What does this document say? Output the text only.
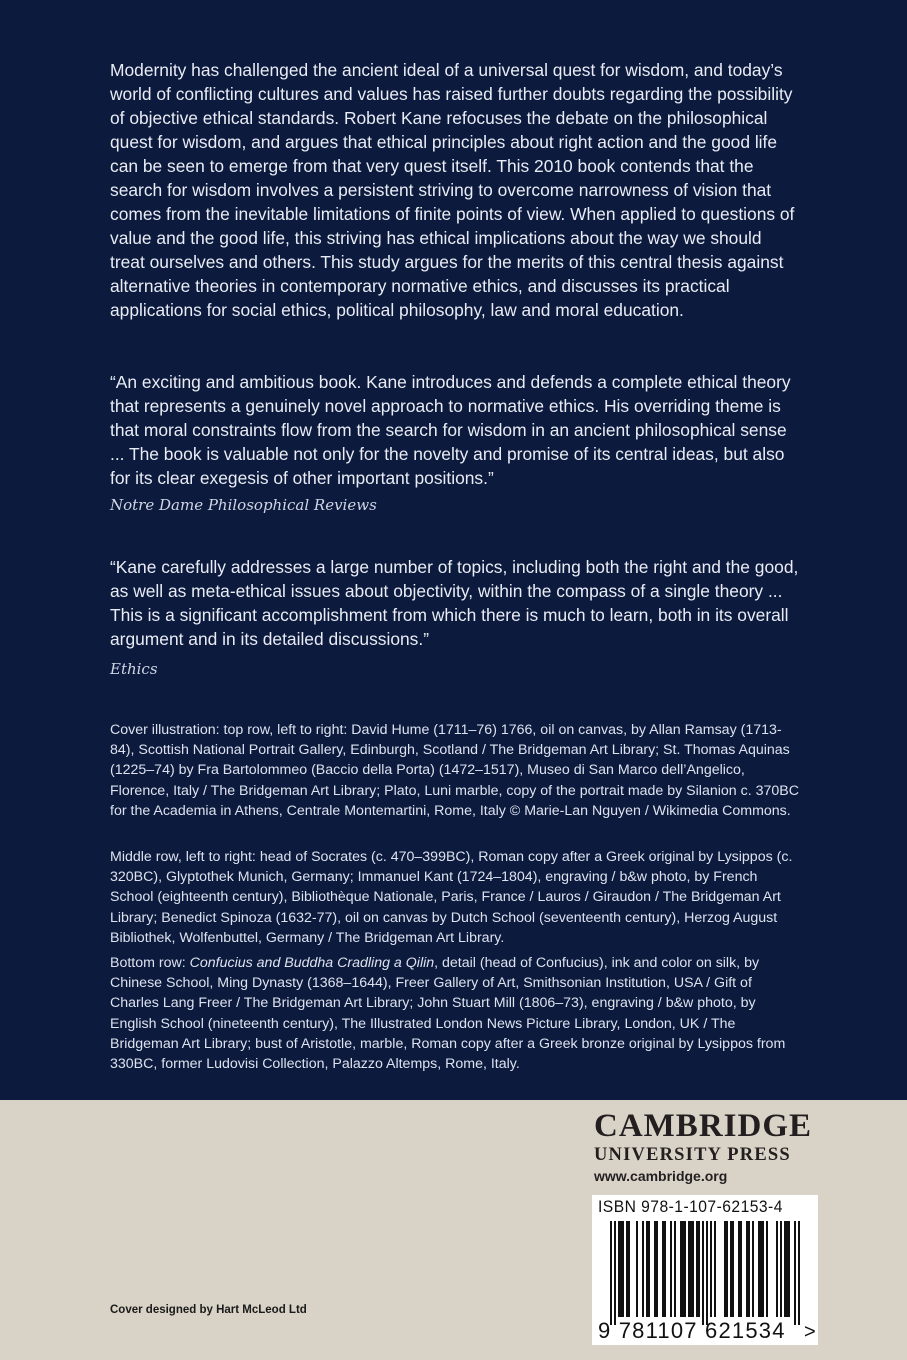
Modernity has challenged the ancient ideal of a universal quest for wisdom, and today’s world of conflicting cultures and values has raised further doubts regarding the possibility of objective ethical standards. Robert Kane refocuses the debate on the philosophical quest for wisdom, and argues that ethical principles about right action and the good life can be seen to emerge from that very quest itself. This 2010 book contends that the search for wisdom involves a persistent striving to overcome narrowness of vision that comes from the inevitable limitations of finite points of view. When applied to questions of value and the good life, this striving has ethical implications about the way we should treat ourselves and others. This study argues for the merits of this central thesis against alternative theories in contemporary normative ethics, and discusses its practical applications for social ethics, political philosophy, law and moral education.

“An exciting and ambitious book. Kane introduces and defends a complete ethical theory that represents a genuinely novel approach to normative ethics. His overriding theme is that moral constraints flow from the search for wisdom in an ancient philosophical sense ... The book is valuable not only for the novelty and promise of its central ideas, but also for its clear exegesis of other important positions.”

Notre Dame Philosophical Reviews

“Kane carefully addresses a large number of topics, including both the right and the good, as well as meta-ethical issues about objectivity, within the compass of a single theory ... This is a significant accomplishment from which there is much to learn, both in its overall argument and in its detailed discussions.”

Ethics

Cover illustration: top row, left to right: David Hume (1711–76) 1766, oil on canvas, by Allan Ramsay (1713-84), Scottish National Portrait Gallery, Edinburgh, Scotland / The Bridgeman Art Library; St. Thomas Aquinas (1225–74) by Fra Bartolommeo (Baccio della Porta) (1472–1517), Museo di San Marco dell’Angelico, Florence, Italy / The Bridgeman Art Library; Plato, Luni marble, copy of the portrait made by Silanion c. 370BC for the Academia in Athens, Centrale Montemartini, Rome, Italy © Marie-Lan Nguyen / Wikimedia Commons.

Middle row, left to right: head of Socrates (c. 470–399BC), Roman copy after a Greek original by Lysippos (c. 320BC), Glyptothek Munich, Germany; Immanuel Kant (1724–1804), engraving / b&w photo, by French School (eighteenth century), Bibliothèque Nationale, Paris, France / Lauros / Giraudon / The Bridgeman Art Library; Benedict Spinoza (1632-77), oil on canvas by Dutch School (seventeenth century), Herzog August Bibliothek, Wolfenbuttel, Germany / The Bridgeman Art Library.

Bottom row: Confucius and Buddha Cradling a Qilin, detail (head of Confucius), ink and color on silk, by Chinese School, Ming Dynasty (1368–1644), Freer Gallery of Art, Smithsonian Institution, USA / Gift of Charles Lang Freer / The Bridgeman Art Library; John Stuart Mill (1806–73), engraving / b&w photo, by English School (nineteenth century), The Illustrated London News Picture Library, London, UK / The Bridgeman Art Library; bust of Aristotle, marble, Roman copy after a Greek bronze original by Lysippos from 330BC, former Ludovisi Collection, Palazzo Altemps, Rome, Italy.

CAMBRIDGE

UNIVERSITY PRESS

www.cambridge.org

ISBN 978-1-107-62153-4

>
9 781107 621534

Cover designed by Hart McLeod Ltd
